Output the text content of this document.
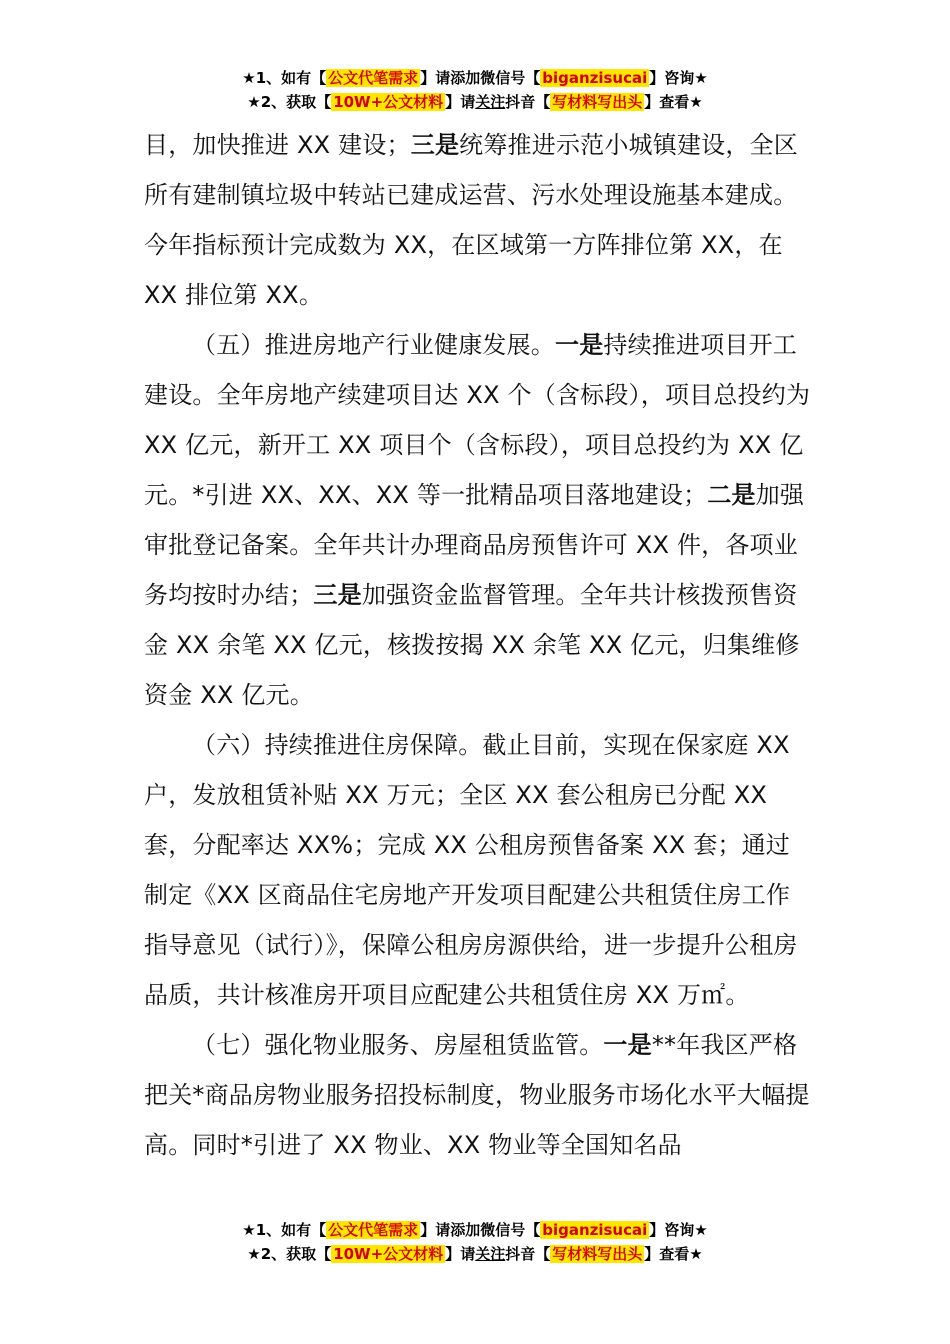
★1、如有【 公文代笔需求 】请添加微信号【 biganzisucai 】咨询★
★2、获取【 10W+公文材料 】请关注抖音【 写材料写出头 】查看★

目，加快推进 XX 建设；三是统筹推进示范小城镇建设，全区所有建制镇垃圾中转站已建成运营、污水处理设施基本建成。今年指标预计完成数为 XX，在区域第一方阵排位第 XX，在 XX 排位第 XX。

（五）推进房地产行业健康发展。一是持续推进项目开工建设。全年房地产续建项目达 XX 个（含标段），项目总投约为 XX 亿元，新开工 XX 项目个（含标段），项目总投约为 XX 亿元。*引进 XX、XX、XX 等一批精品项目落地建设；二是加强审批登记备案。全年共计办理商品房预售许可 XX 件，各项业务均按时办结；三是加强资金监督管理。全年共计核拨预售资金 XX 余笔 XX 亿元，核拨按揭 XX 余笔 XX 亿元，归集维修资金 XX 亿元。

（六）持续推进住房保障。截止目前，实现在保家庭 XX 户，发放租赁补贴 XX 万元；全区 XX 套公租房已分配 XX 套，分配率达 XX%；完成 XX 公租房预售备案 XX 套；通过制定《XX 区商品住宅房地产开发项目配建公共租赁住房工作指导意见（试行）》，保障公租房房源供给，进一步提升公租房品质，共计核准房开项目应配建公共租赁住房 XX 万㎡。

（七）强化物业服务、房屋租赁监管。一是**年我区严格把关*商品房物业服务招投标制度，物业服务市场化水平大幅提高。同时*引进了 XX 物业、XX 物业等全国知名品

★1、如有【 公文代笔需求 】请添加微信号【 biganzisucai 】咨询★
★2、获取【 10W+公文材料 】请关注抖音【 写材料写出头 】查看★
